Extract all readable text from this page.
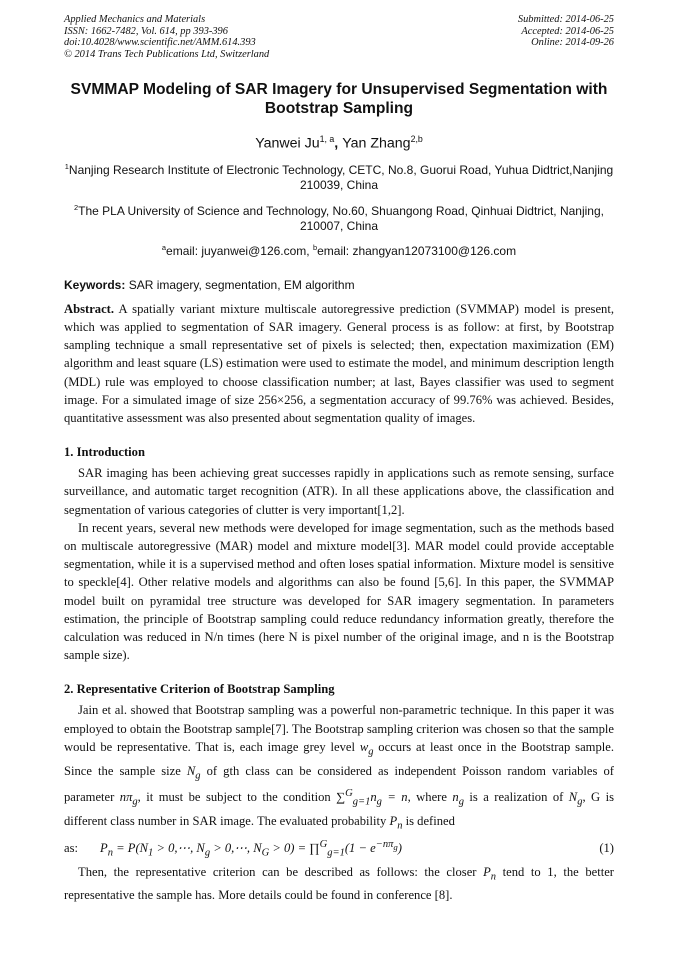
Applied Mechanics and Materials
ISSN: 1662-7482, Vol. 614, pp 393-396
doi:10.4028/www.scientific.net/AMM.614.393
© 2014 Trans Tech Publications Ltd, Switzerland
Submitted: 2014-06-25
Accepted: 2014-06-25
Online: 2014-09-26
SVMMAP Modeling of SAR Imagery for Unsupervised Segmentation with Bootstrap Sampling
Yanwei Ju$^{1, a}$, Yan Zhang$^{2,b}$
$^1$Nanjing Research Institute of Electronic Technology, CETC, No.8, Guorui Road, Yuhua Didtrict,Nanjing 210039, China
$^2$The PLA University of Science and Technology, No.60, Shuangong Road, Qinhuai Didtrict, Nanjing, 210007, China
$^a$email: juyanwei@126.com, $^b$email: zhangyan12073100@126.com
Keywords: SAR imagery, segmentation, EM algorithm

Abstract. A spatially variant mixture multiscale autoregressive prediction (SVMMAP) model is present, which was applied to segmentation of SAR imagery. General process is as follow: at first, by Bootstrap sampling technique a small representative set of pixels is selected; then, expectation maximization (EM) algorithm and least square (LS) estimation were used to estimate the model, and minimum description length (MDL) rule was employed to choose classification number; at last, Bayes classifier was used to segment image. For a simulated image of size 256×256, a segmentation accuracy of 99.76% was achieved. Besides, quantitative assessment was also presented about segmentation quality of images.

1. Introduction

SAR imaging has been achieving great successes rapidly in applications such as remote sensing, surface surveillance, and automatic target recognition (ATR). In all these applications above, the classification and segmentation of various categories of clutter is very important[1,2].

In recent years, several new methods were developed for image segmentation, such as the methods based on multiscale autoregressive (MAR) model and mixture model[3]. MAR model could provide acceptable segmentation, while it is a supervised method and often loses spatial information. Mixture model is sensitive to speckle[4]. Other relative models and algorithms can also be found [5,6]. In this paper, the SVMMAP model built on pyramidal tree structure was developed for SAR imagery segmentation. In parameters estimation, the principle of Bootstrap sampling could reduce redundancy information greatly, therefore the calculation was reduced in N/n times (here N is pixel number of the original image, and n is the Bootstrap sample size).

2. Representative Criterion of Bootstrap Sampling

Jain et al. showed that Bootstrap sampling was a powerful non-parametric technique. In this paper it was employed to obtain the Bootstrap sample[7]. The Bootstrap sampling criterion was chosen so that the sample would be representative. That is, each image grey level $w_g$ occurs at least once in the Bootstrap sample. Since the sample size $N_g$ of gth class can be considered as independent Poisson random variables of parameter $n\pi_g$, it must be subject to the condition $\sum^G_{g=1}n_g = n$, where $n_g$ is a realization of $N_g$, G is different class number in SAR image. The evaluated probability $P_n$ is defined

as: $P_n = P(N_1$ > 0,⋯, $N_g$ > 0,⋯, $N_G > 0$) = ∏$^G_{g=1}$(1 − $e^{-n\pi_g}$)	(1)

Then, the representative criterion can be described as follows: the closer $P_n$ tend to 1, the better representative the sample has. More details could be found in conference [8].
